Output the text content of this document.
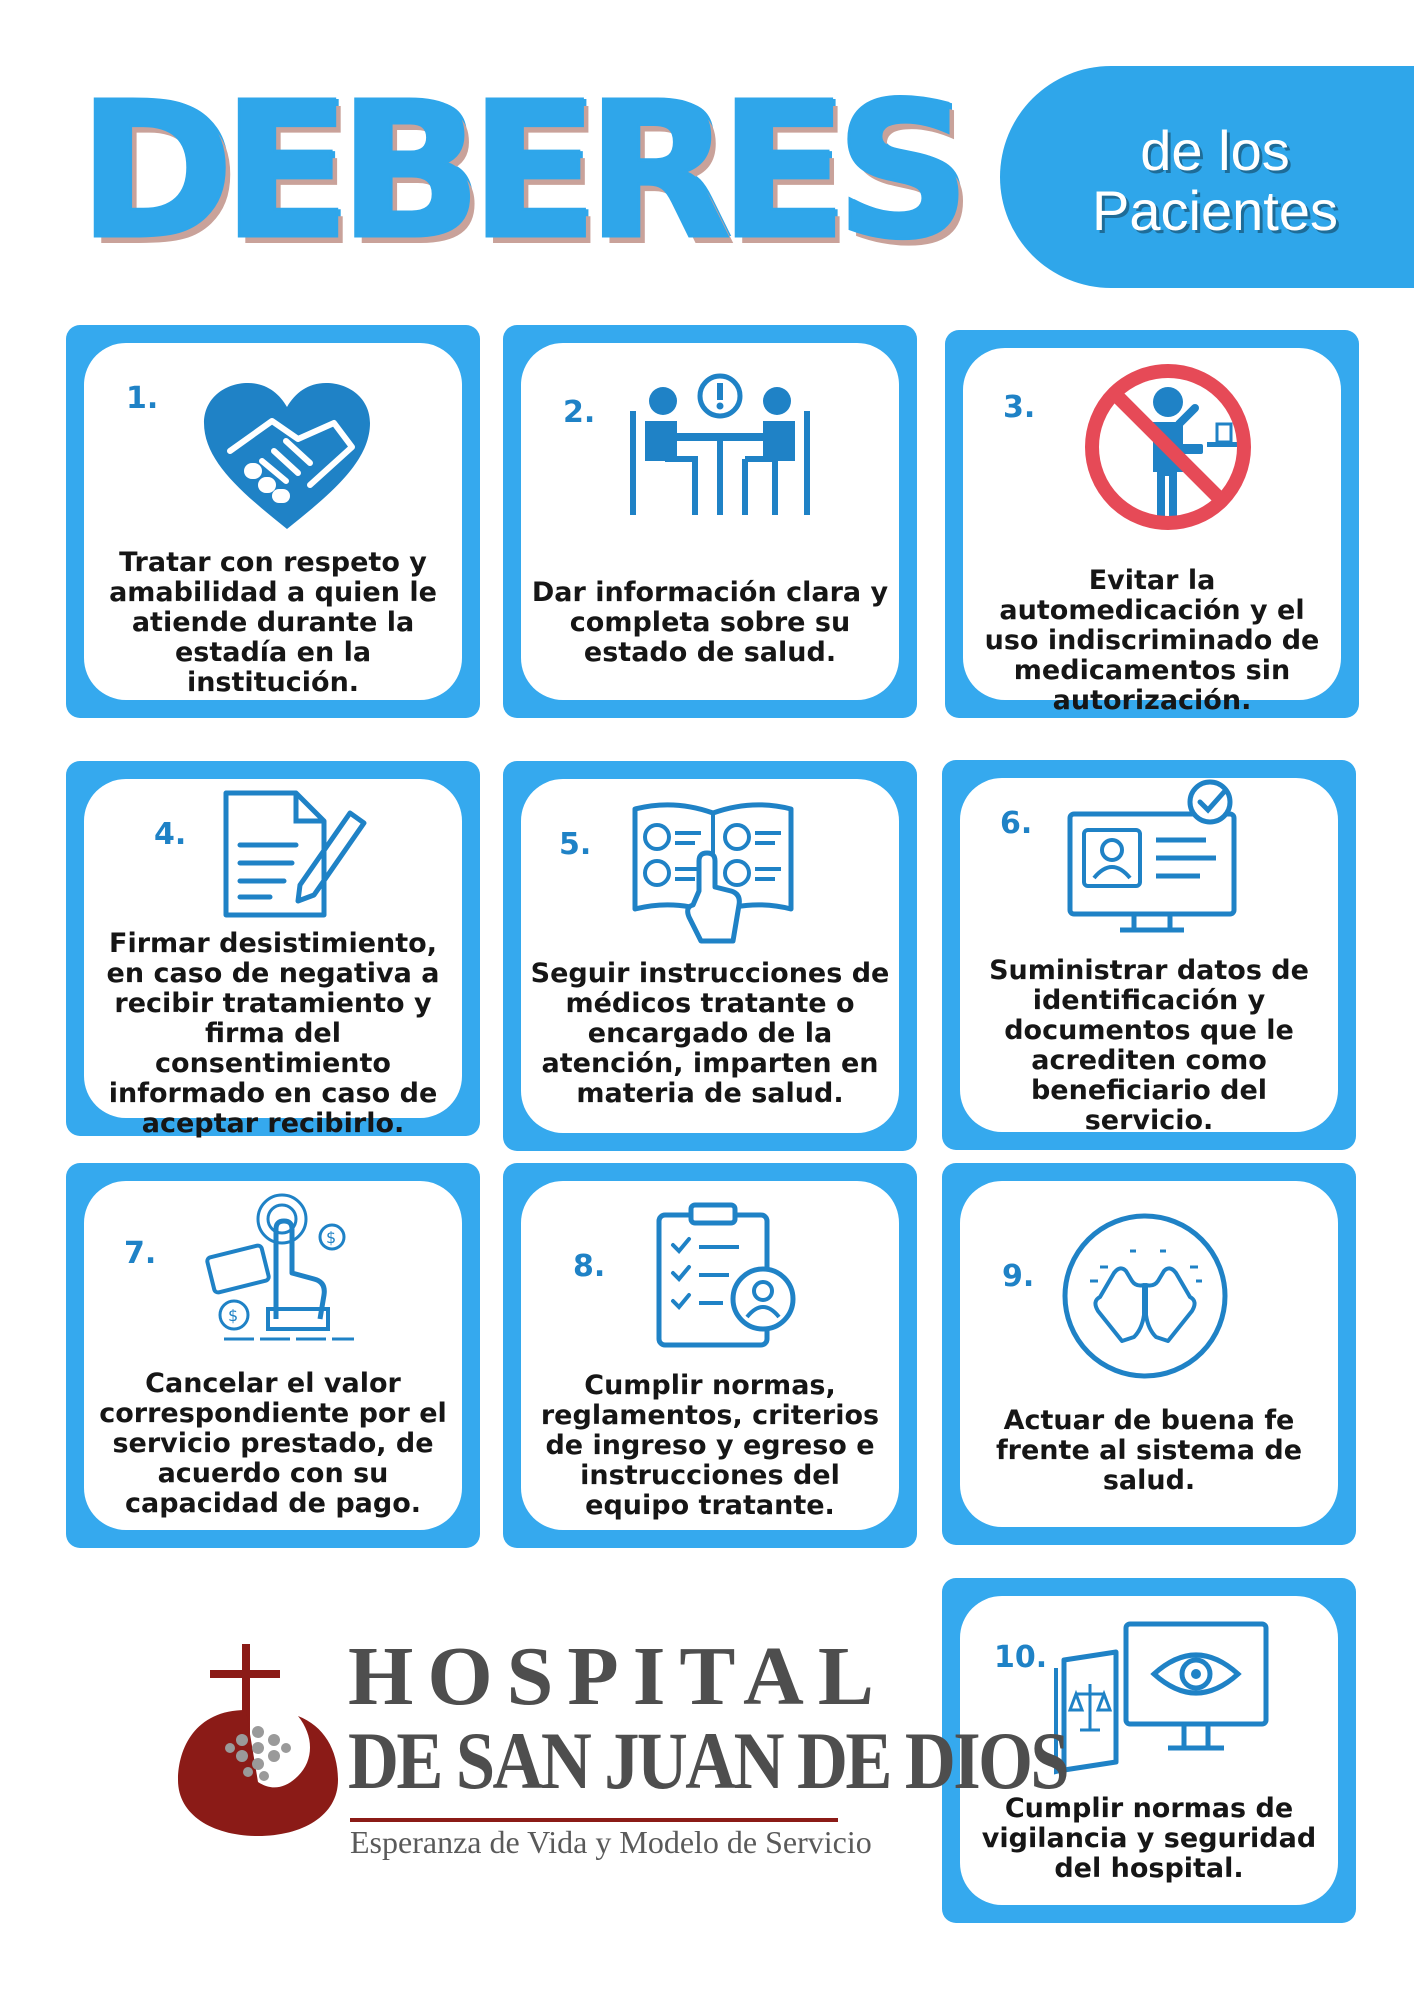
DEBERES	de los
Pacientes
1.
Tratar con respeto y amabilidad a quien le atiende durante la estadía en la institución.
2.
Dar información clara y completa sobre su estado de salud.
3.
Evitar la automedicación y el uso indiscriminado de medicamentos sin autorización.
4.
Firmar desistimiento, en caso de negativa a recibir tratamiento y firma del consentimiento informado en caso de aceptar recibirlo.
5.
Seguir instrucciones de médicos tratante o encargado de la atención, imparten en materia de salud.
6.
Suministrar datos de identificación y documentos que le acrediten como beneficiario del servicio.
7.	$
$
Cancelar el valor correspondiente por el servicio prestado, de acuerdo con su capacidad de pago.
8.
Cumplir normas, reglamentos, criterios de ingreso y egreso e instrucciones del equipo tratante.
9.
Actuar de buena fe frente al sistema de salud.
10.
Cumplir normas de vigilancia y seguridad del hospital.
HOSPITAL
DE SAN JUAN DE DIOS
Esperanza de Vida y Modelo de Servicio
